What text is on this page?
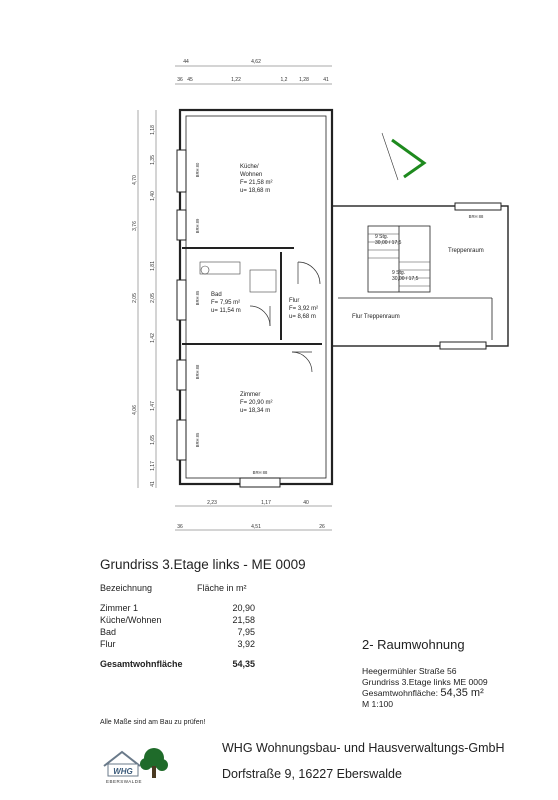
44	4,62
36 45	1,22	1,2 1,28	41
1,18
1,35
1,40
1,81
2,05
1,42
1,47
1,65
1,17
41
4,70
3,76
2,05
4,06
2,23	1,17	40
36	4,51	26
BRH 80
BRH 89
BRH 85
BRH 88
BRH 85
BRH 88
BRH 88
Küche/
Wohnen
F= 21,58 m²
u= 18,68 m
Bad
F= 7,95 m²
u= 11,54 m
Flur
F= 3,92 m²
u= 8,68 m
Zimmer
F= 20,90 m²
u= 18,34 m
Treppenraum
Flur Treppenraum
9 Stg.
30,00 / 17,5
9 Stg.
30,00 / 17,5
Grundriss 3.Etage links - ME 0009
Bezeichnung	Fläche in m²
Zimmer 1	20,90
Küche/Wohnen	21,58
Bad	7,95
Flur	3,92
Gesamtwohnfläche	54,35
2- Raumwohnung
Heegermühler Straße 56
Grundriss 3.Etage links ME 0009
Gesamtwohnfläche: 54,35 m²
M 1:100
Alle Maße sind am Bau zu prüfen!
WHG
EBERSWALDE
WHG Wohnungsbau- und Hausverwaltungs-GmbH
Dorfstraße 9, 16227 Eberswalde
